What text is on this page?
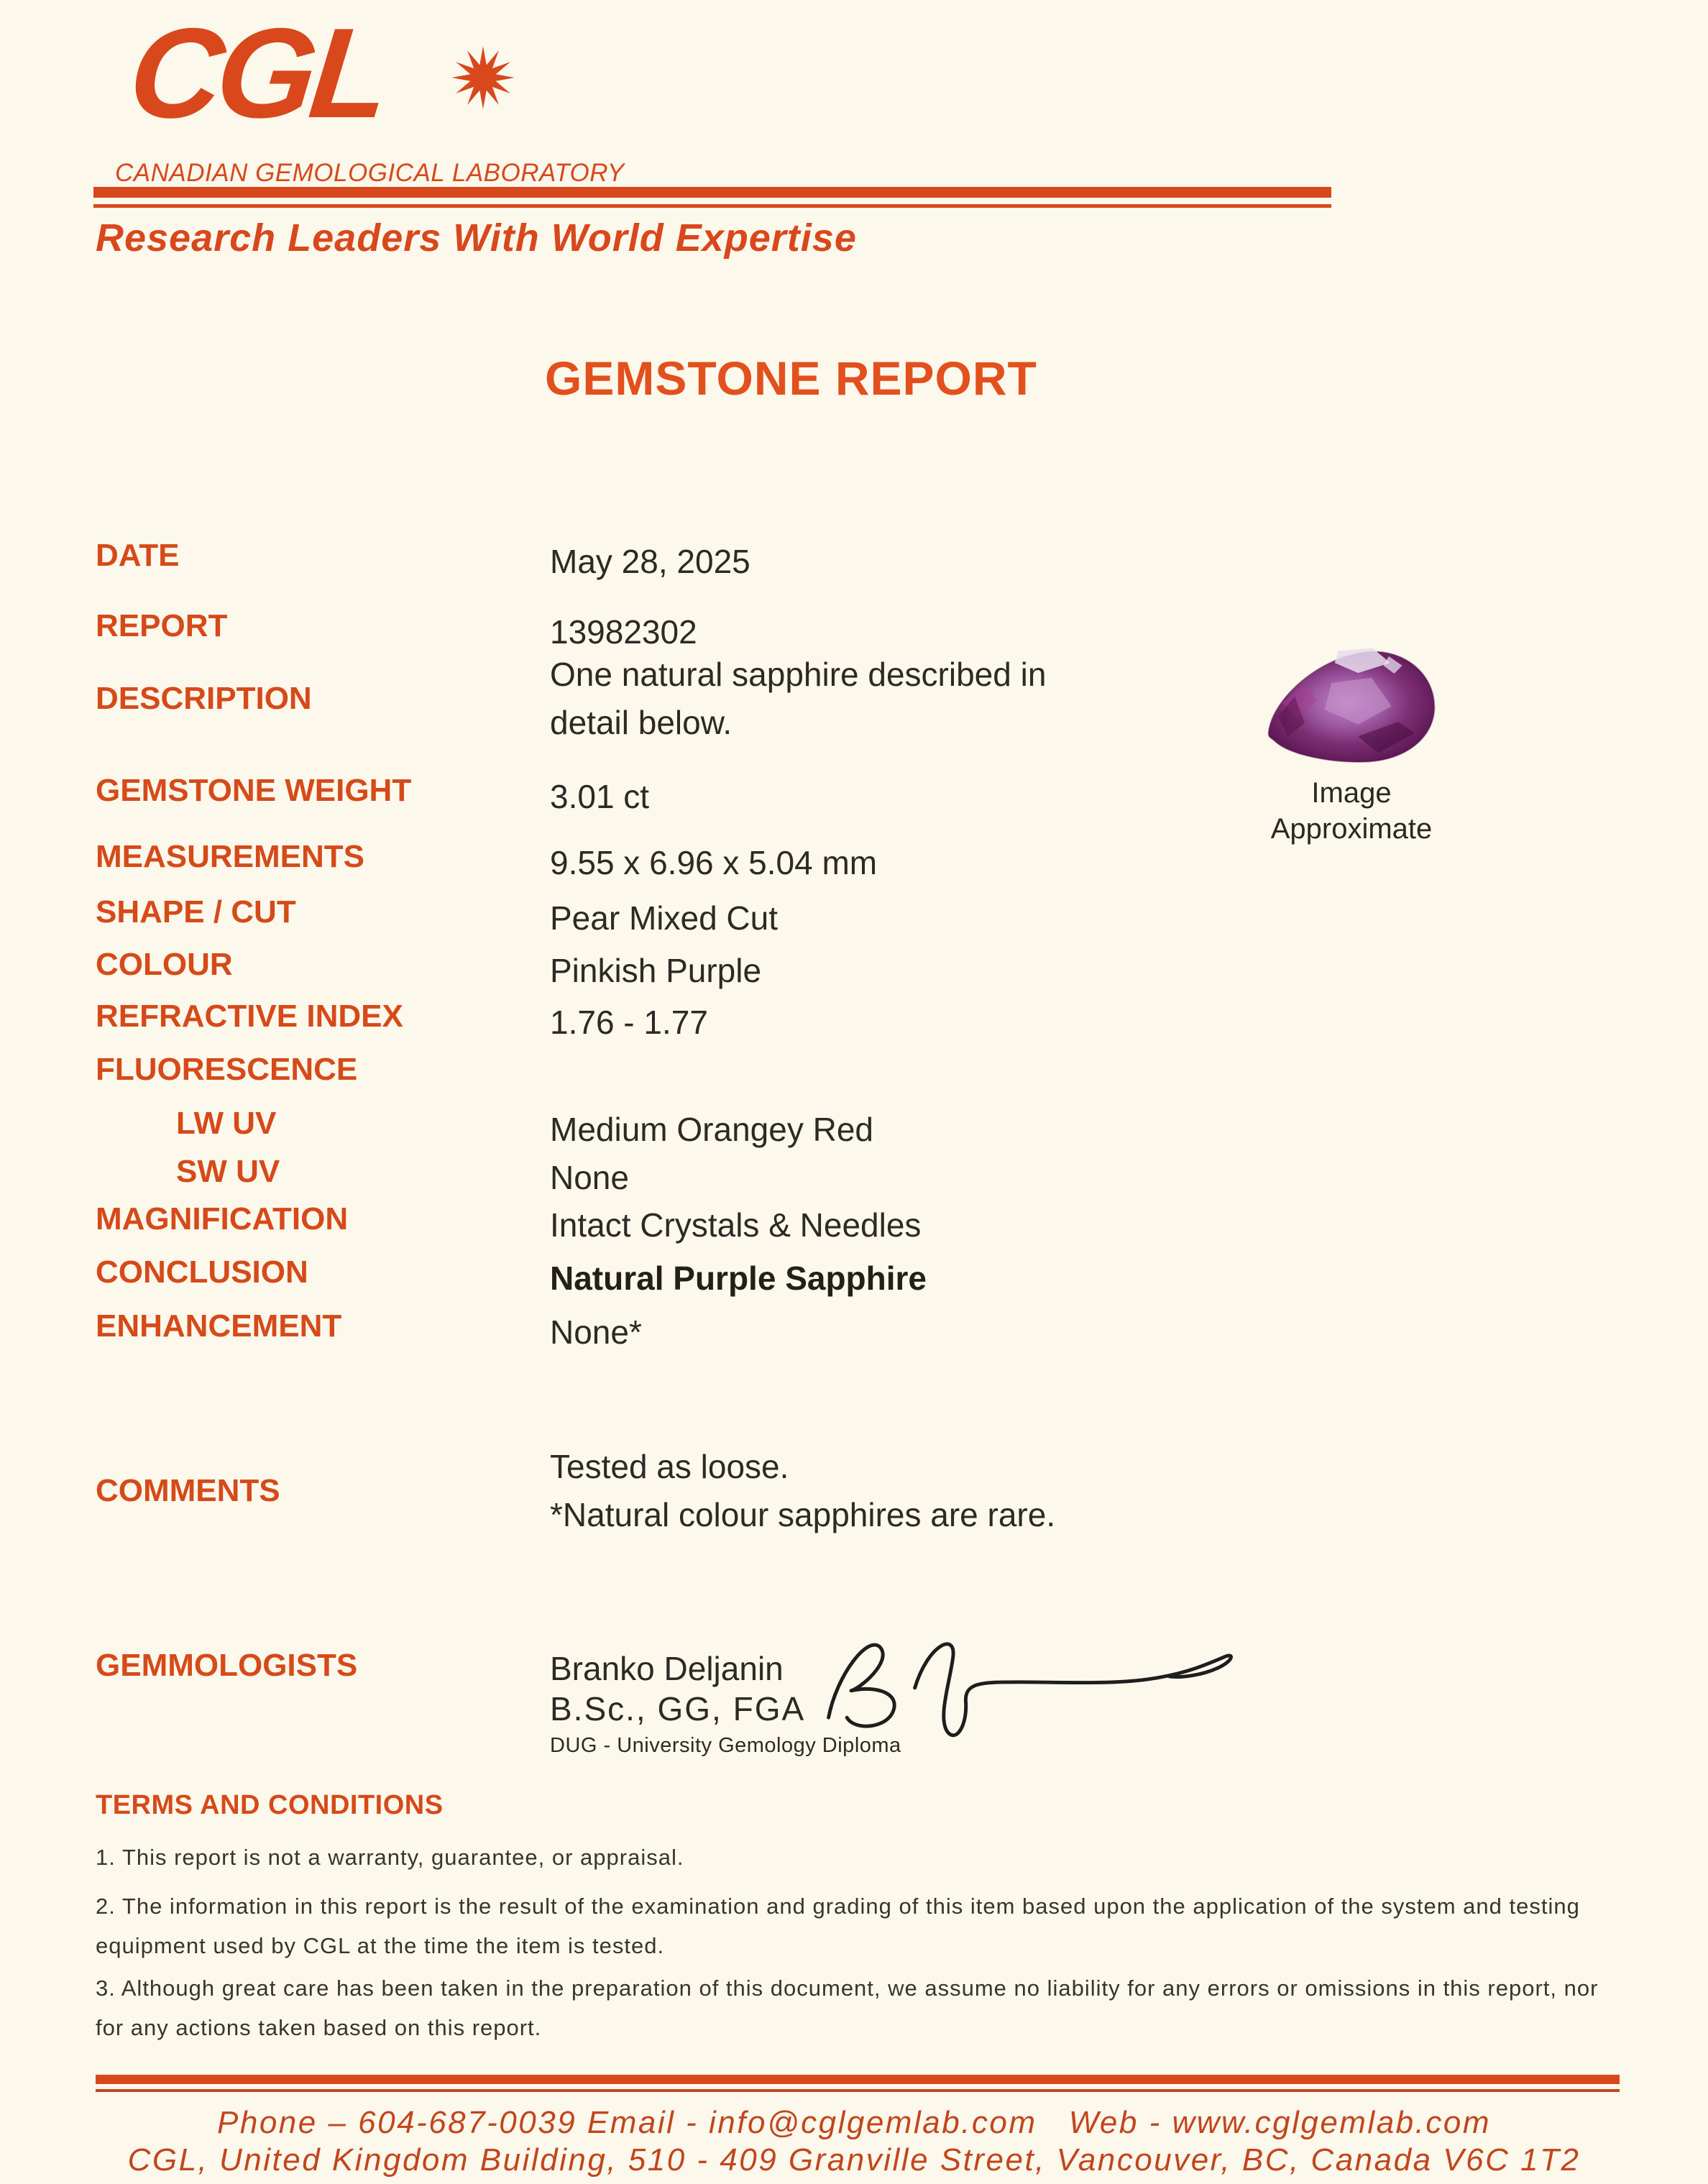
CGL
CANADIAN GEMOLOGICAL LABORATORY
Research Leaders With World Expertise
GEMSTONE REPORT
DATE	May 28, 2025
REPORT	13982302
DESCRIPTION
One natural sapphire described in
detail below.
GEMSTONE WEIGHT	3.01 ct
MEASUREMENTS	9.55 x 6.96 x 5.04 mm
SHAPE / CUT	Pear Mixed Cut
COLOUR	Pinkish Purple
REFRACTIVE INDEX	1.76 - 1.77
FLUORESCENCE
LW UV	Medium Orangey Red
SW UV	None
MAGNIFICATION	Intact Crystals & Needles
CONCLUSION	Natural Purple Sapphire
ENHANCEMENT	None*
COMMENTS
Tested as loose.
*Natural colour sapphires are rare.
Image
Approximate
GEMMOLOGISTS	Branko Deljanin
B.Sc., GG, FGA
DUG - University Gemology Diploma
TERMS AND CONDITIONS
1. This report is not a warranty, guarantee, or appraisal.
2. The information in this report is the result of the examination and grading of this item based upon the application of the system and testing
equipment used by CGL at the time the item is tested.
3. Although great care has been taken in the preparation of this document, we assume no liability for any errors or omissions in this report, nor
for any actions taken based on this report.
Phone – 604-687-0039 Email - info@cglgemlab.com   Web - www.cglgemlab.com
CGL, United Kingdom Building, 510 - 409 Granville Street, Vancouver, BC, Canada V6C 1T2
